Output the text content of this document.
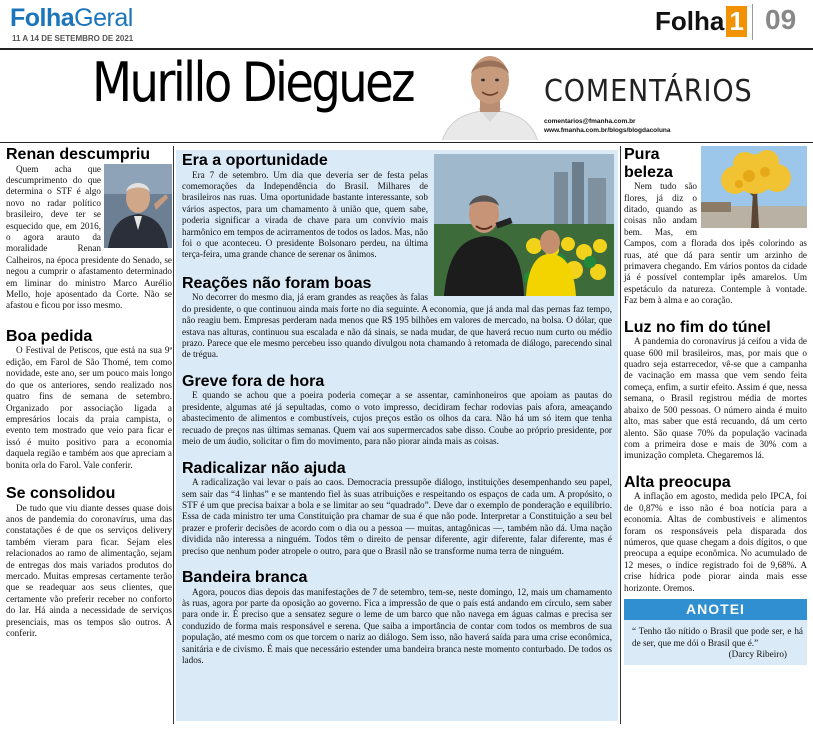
FolhaGeral
11 A 14 DE SETEMBRO DE 2021
Folha 1 09
Murillo Dieguez	COMENTÁRIOS
comentarios@fmanha.com.br
www.fmanha.com.br/blogs/blogdacoluna
Renan descumpriu
Quem acha que descumprimento do que determina o STF é algo novo no radar político brasileiro, deve ter se esquecido que, em 2016, o agora arauto da moralidade Renan Calheiros, na época presidente do Senado, se negou a cumprir o afastamento determinado em liminar do ministro Marco Aurélio Mello, hoje aposentado da Corte. Não se afastou e ficou por isso mesmo.
Boa pedida
O Festival de Petiscos, que está na sua 9ª edição, em Farol de São Thomé, tem como novidade, este ano, ser um pouco mais longo do que os anteriores, sendo realizado nos quatro fins de semana de setembro. Organizado por associação ligada a empresários locais da praia campista, o evento tem mostrado que veio para ficar e issó é muito positivo para a economia daquela região e também aos que apreciam a bonita orla do Farol. Vale conferir.
Se consolidou
De tudo que viu diante desses quase dois anos de pandemia do coronavírus, uma das constatações é de que os serviços delivery também vieram para ficar. Sejam eles relacionados ao ramo de alimentação, sejam de entregas dos mais variados produtos do mercado. Muitas empresas certamente terão que se readequar aos seus clientes, que certamente vão preferir receber no conforto do lar. Há ainda a necessidade de serviços presenciais, mas os tempos são outros. A conferir.
Era a oportunidade
Era 7 de setembro. Um dia que deveria ser de festa pelas comemorações da Independência do Brasil. Milhares de brasileiros nas ruas. Uma oportunidade bastante interessante, sob vários aspectos, para um chamamento à união que, quem sabe, poderia significar a virada de chave para um convívio mais harmônico em tempos de acirramentos de todos os lados. Mas, não foi o que aconteceu. O presidente Bolsonaro perdeu, na última terça-feira, uma grande chance de serenar os ânimos.
Reações não foram boas
No decorrer do mesmo dia, já eram grandes as reações às falas do presidente, o que continuou ainda mais forte no dia seguinte. A economia, que já anda mal das pernas faz tempo, não reagiu bem. Empresas perderam nada menos que R$ 195 bilhões em valores de mercado, na bolsa. O dólar, que estava nas alturas, continuou sua escalada e não dá sinais, se nada mudar, de que haverá recuo num curto ou médio prazo. Parece que ele mesmo percebeu isso quando divulgou nota chamando à retomada de diálogo, parecendo sinal de trégua.
Greve fora de hora
E quando se achou que a poeira poderia começar a se assentar, caminhoneiros que apoiam as pautas do presidente, algumas até já sepultadas, como o voto impresso, decidiram fechar rodovias pais afora, ameaçando abastecimento de alimentos e combustíveis, cujos preços estão os olhos da cara. Não há um só item que tenha recuado de preços nas últimas semanas. Quem vai aos supermercados sabe disso. Coube ao próprio presidente, por meio de um áudio, solicitar o fim do movimento, para não piorar ainda mais as coisas.
Radicalizar não ajuda
A radicalização vai levar o país ao caos. Democracia pressupõe diálogo, instituições desempenhando seu papel, sem sair das “4 linhas” e se mantendo fiel às suas atribuições e respeitando os espaços de cada um. A propósito, o STF é um que precisa baixar a bola e se limitar ao seu “quadrado”. Deve dar o exemplo de ponderação e equilíbrio. Essa de cada ministro ter uma Constituição pra chamar de sua é que não pode. Interpretar a Constituição a seu bel prazer e proferir decisões de acordo com o dia ou a pessoa — muitas, antagônicas —, também não dá. Uma nação dividida não interessa a ninguém. Todos têm o direito de pensar diferente, agir diferente, falar diferente, mas é preciso que nenhum poder atropele o outro, para que o Brasil não se transforme numa terra de ninguém.
Bandeira branca
Agora, poucos dias depois das manifestações de 7 de setembro, tem-se, neste domingo, 12, mais um chamamento às ruas, agora por parte da oposição ao governo. Fica a impressão de que o país está andando em círculo, sem saber para onde ir. É preciso que a sensatez segure o leme de um barco que não navega em águas calmas e precisa ser conduzido de forma mais responsável e serena. Que saiba a importância de contar com todos os membros de sua população, até mesmo com os que torcem o nariz ao diálogo. Sem isso, não haverá saída para uma crise econômica, sanitária e de civismo. É mais que necessário estender uma bandeira branca neste momento conturbado. De todos os lados.
Pura beleza
Nem tudo são flores, já diz o ditado, quando as coisas não andam bem. Mas, em Campos, com a florada dos ipês colorindo as ruas, até que dá para sentir um arzinho de primavera chegando. Em vários pontos da cidade já é possível contemplar ipês amarelos. Um espetáculo da natureza. Contemple à vontade. Faz bem à alma e ao coração.
Luz no fim do túnel
A pandemia do coronavírus já ceifou a vida de quase 600 mil brasileiros, mas, por mais que o quadro seja estarrecedor, vê-se que a campanha de vacinação em massa que vem sendo feita começa, enfim, a surtir efeito. Assim é que, nessa semana, o Brasil registrou média de mortes abaixo de 500 pessoas. O número ainda é muito alto, mas saber que está recuando, dá um certo alento. São quase 70% da população vacinada com a primeira dose e mais de 30% com a imunização completa. Chegaremos lá.
Alta preocupa
A inflação em agosto, medida pelo IPCA, foi de 0,87% e isso não é boa notícia para a economia. Altas de combustíveis e alimentos foram os responsáveis pela disparada dos números, que quase chegam a dois dígitos, o que preocupa a equipe econômica. No acumulado de 12 meses, o índice registrado foi de 9,68%. A crise hídrica pode piorar ainda mais esse horizonte. Oremos.
ANOTEI
“ Tenho tão nítido o Brasil que pode ser, e há de ser, que me dói o Brasil que é.”
(Darcy Ribeiro)
